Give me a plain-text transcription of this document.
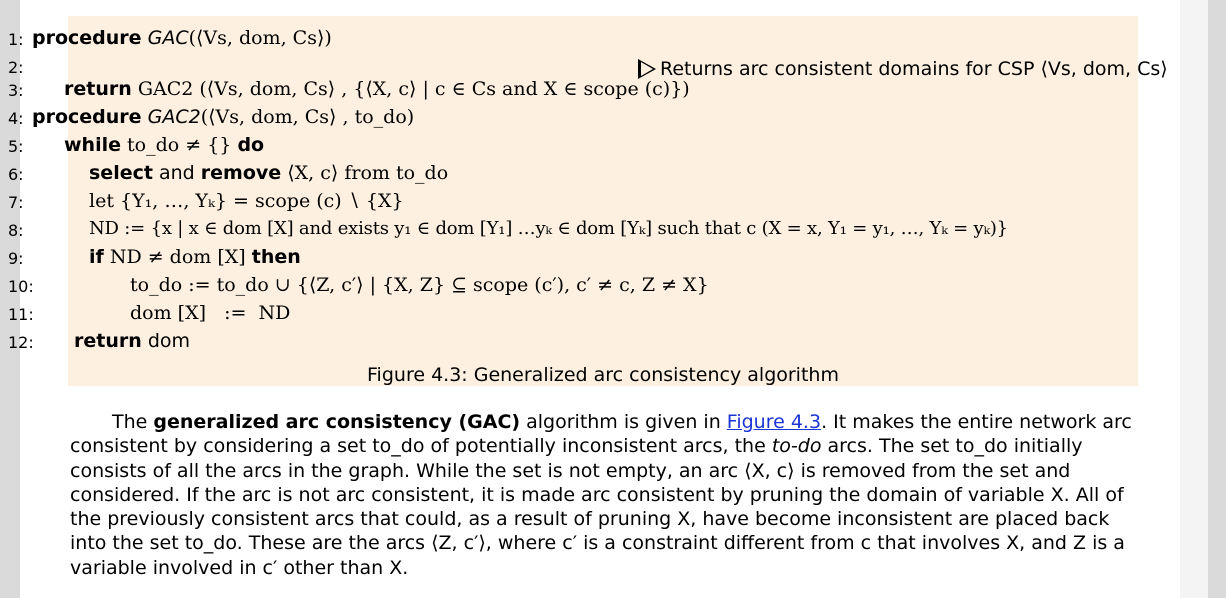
1:
2:
3:
4:
5:
6:
7:
8:
9:
10:
11:
12:
procedure GAC(⟨Vs, dom, Cs⟩)
Returns arc consistent domains for CSP ⟨Vs, dom, Cs⟩
return GAC2 (⟨Vs, dom, Cs⟩ , {⟨X, c⟩ | c ∈ Cs and X ∈ scope (c)})
procedure GAC2(⟨Vs, dom, Cs⟩ , to_do)
while to_do ≠ {} do
select and remove ⟨X, c⟩ from to_do
let {Y₁, …, Yₖ} = scope (c) ∖ {X}
ND := {x | x ∈ dom [X] and exists y₁ ∈ dom [Y₁] …yₖ ∈ dom [Yₖ] such that c (X = x, Y₁ = y₁, …, Yₖ = yₖ)}
if ND ≠ dom [X] then
to_do := to_do ∪ {⟨Z, c′⟩ | {X, Z} ⊆ scope (c′), c′ ≠ c, Z ≠ X}
dom [X]   :=  ND
return dom
Figure 4.3: Generalized arc consistency algorithm

The generalized arc consistency (GAC) algorithm is given in Figure 4.3. It makes the entire network arc consistent by considering a set to_do of potentially inconsistent arcs, the to-do arcs. The set to_do initially consists of all the arcs in the graph. While the set is not empty, an arc ⟨X, c⟩ is removed from the set and considered. If the arc is not arc consistent, it is made arc consistent by pruning the domain of variable X. All of the previously consistent arcs that could, as a result of pruning X, have become inconsistent are placed back into the set to_do. These are the arcs ⟨Z, c′⟩, where c′ is a constraint different from c that involves X, and Z is a variable involved in c′ other than X.
